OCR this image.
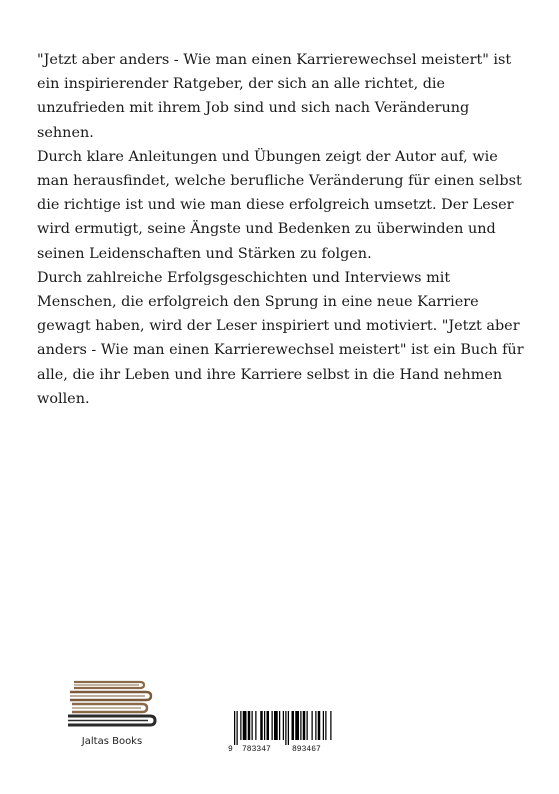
"Jetzt aber anders - Wie man einen Karrierewechsel meistert" ist ein inspirierender Ratgeber, der sich an alle richtet, die unzufrieden mit ihrem Job sind und sich nach Veränderung sehnen.

Durch klare Anleitungen und Übungen zeigt der Autor auf, wie man herausfindet, welche berufliche Veränderung für einen selbst die richtige ist und wie man diese erfolgreich umsetzt. Der Leser wird ermutigt, seine Ängste und Bedenken zu überwinden und seinen Leidenschaften und Stärken zu folgen.

Durch zahlreiche Erfolgsgeschichten und Interviews mit Menschen, die erfolgreich den Sprung in eine neue Karriere gewagt haben, wird der Leser inspiriert und motiviert. "Jetzt aber anders - Wie man einen Karrierewechsel meistert" ist ein Buch für alle, die ihr Leben und ihre Karriere selbst in die Hand nehmen wollen.

Jaltas Books
9 783347	893467
